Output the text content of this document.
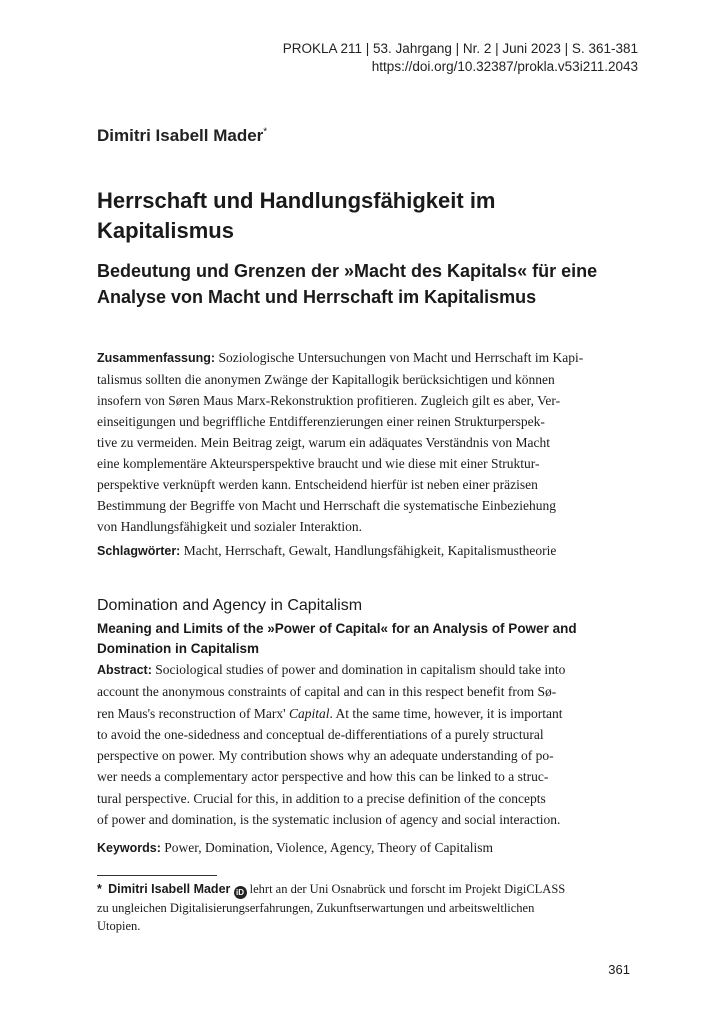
PROKLA 211 | 53. Jahrgang | Nr. 2 | Juni 2023 | S. 361-381
https://doi.org/10.32387/prokla.v53i211.2043
Dimitri Isabell Mader*
Herrschaft und Handlungsfähigkeit im Kapitalismus
Bedeutung und Grenzen der »Macht des Kapitals« für eine Analyse von Macht und Herrschaft im Kapitalismus
Zusammenfassung: Soziologische Untersuchungen von Macht und Herrschaft im Kapi-
talismus sollten die anonymen Zwänge der Kapitallogik berücksichtigen und können
insofern von Søren Maus Marx-Rekonstruktion profitieren. Zugleich gilt es aber, Ver-
einseitigungen und begriffliche Entdifferenzierungen einer reinen Strukturperspek-
tive zu vermeiden. Mein Beitrag zeigt, warum ein adäquates Verständnis von Macht
eine komplementäre Akteursperspektive braucht und wie diese mit einer Struktur-
perspektive verknüpft werden kann. Entscheidend hierfür ist neben einer präzisen
Bestimmung der Begriffe von Macht und Herrschaft die systematische Einbeziehung
von Handlungsfähigkeit und sozialer Interaktion.
Schlagwörter: Macht, Herrschaft, Gewalt, Handlungsfähigkeit, Kapitalismustheorie
Domination and Agency in Capitalism
Meaning and Limits of the »Power of Capital« for an Analysis of Power and Domination in Capitalism
Abstract: Sociological studies of power and domination in capitalism should take into
account the anonymous constraints of capital and can in this respect benefit from Sø-
ren Maus's reconstruction of Marx' Capital. At the same time, however, it is important
to avoid the one-sidedness and conceptual de-differentiations of a purely structural
perspective on power. My contribution shows why an adequate understanding of po-
wer needs a complementary actor perspective and how this can be linked to a struc-
tural perspective. Crucial for this, in addition to a precise definition of the concepts
of power and domination, is the systematic inclusion of agency and social interaction.
Keywords: Power, Domination, Violence, Agency, Theory of Capitalism
* Dimitri Isabell Mader iD lehrt an der Uni Osnabrück und forscht im Projekt DigiCLASS
zu ungleichen Digitalisierungserfahrungen, Zukunftserwartungen und arbeitsweltlichen
Utopien.
361
